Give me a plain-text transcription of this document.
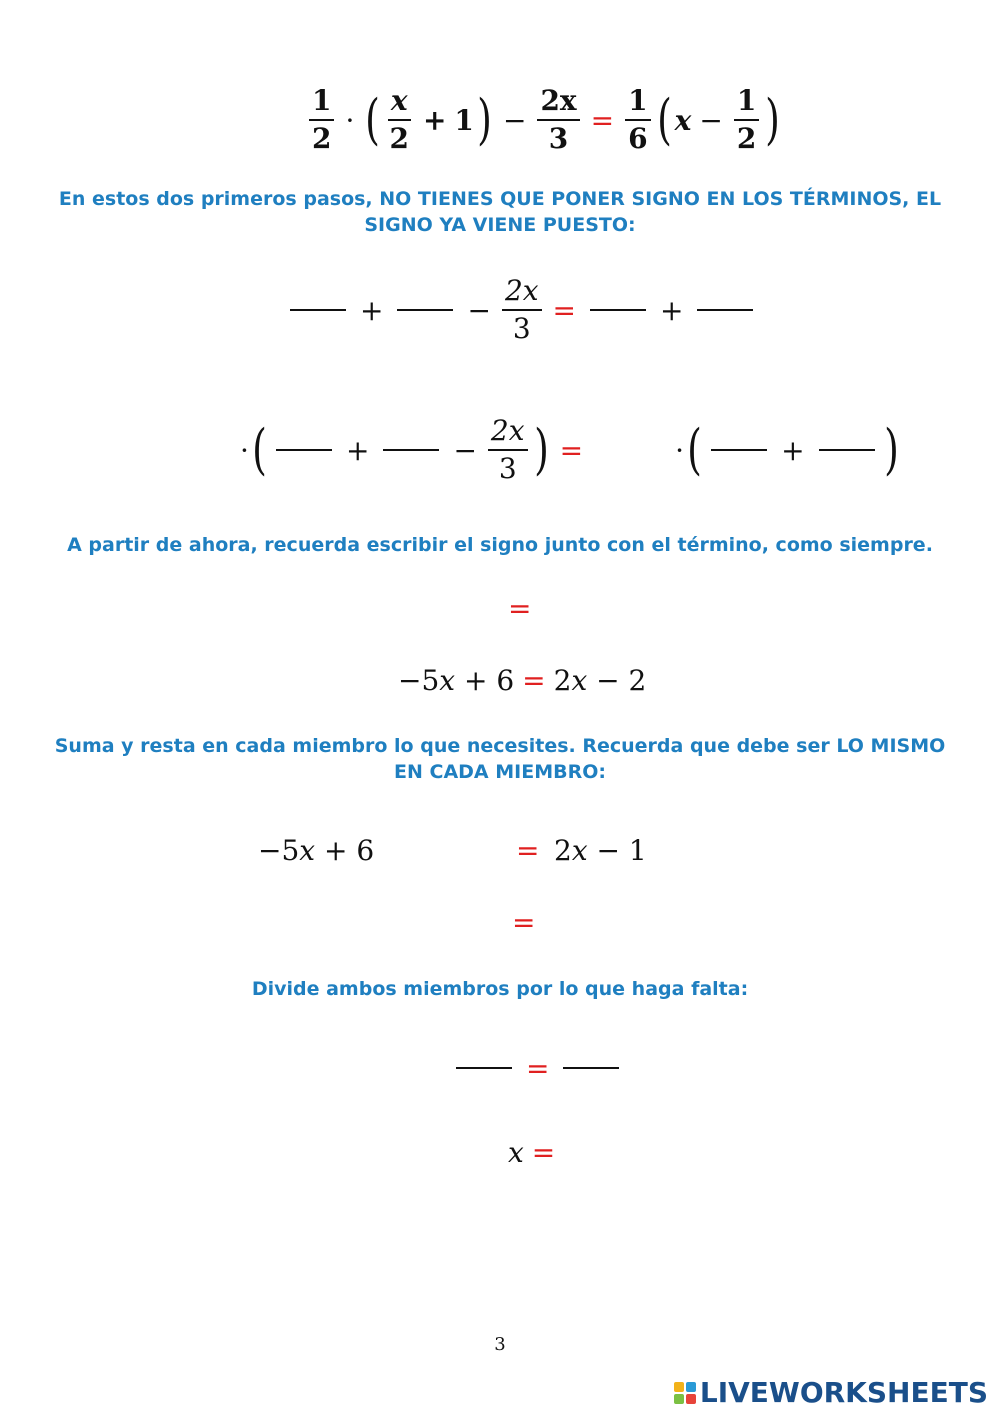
$\frac{1}{2}$ · ( $\frac{x}{2} + 1$ ) − $\frac{2x}{3} = \frac{1}{6}$ ( $x - \frac{1}{2}$ )
En estos dos primeros pasos, NO TIENES QUE PONER SIGNO EN LOS TÉRMINOS, EL SIGNO YA VIENE PUESTO:
+	− $\frac{2x}{3}$ =	+
· (	+	− $\frac{2x}{3}$ ) =	· (	+ )
A partir de ahora, recuerda escribir el signo junto con el término, como siempre.
=
−5𝑥 + 6 = 2𝑥 − 2
Suma y resta en cada miembro lo que necesites. Recuerda que debe ser LO MISMO EN CADA MIEMBRO:
−5𝑥 + 6	= 2𝑥 − 1
=
Divide ambos miembros por lo que haga falta:
=
𝑥 =
3
LIVEWORKSHEETS
